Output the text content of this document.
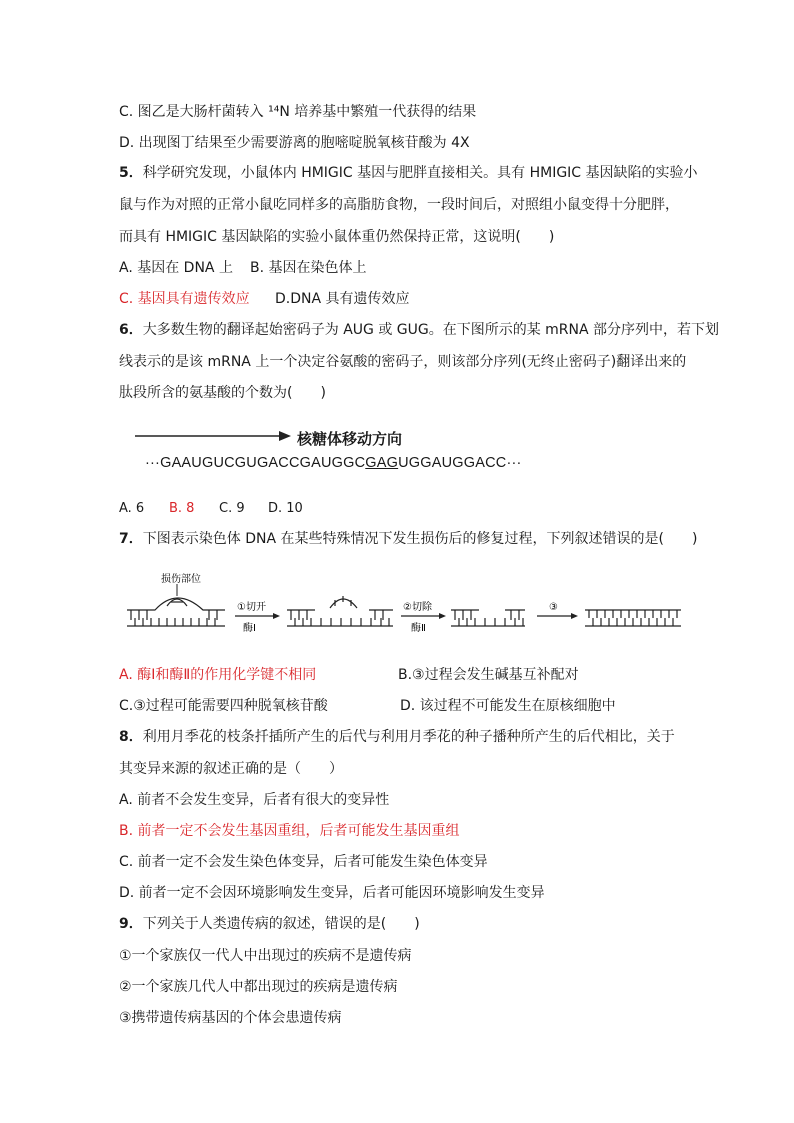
C. 图乙是大肠杆菌转入 ¹⁴N 培养基中繁殖一代获得的结果
D. 出现图丁结果至少需要游离的胞嘧啶脱氧核苷酸为 4X
5．科学研究发现，小鼠体内 HMIGIC 基因与肥胖直接相关。具有 HMIGIC 基因缺陷的实验小
鼠与作为对照的正常小鼠吃同样多的高脂肪食物，一段时间后，对照组小鼠变得十分肥胖，
而具有 HMIGIC 基因缺陷的实验小鼠体重仍然保持正常，这说明(　　)
A. 基因在 DNA 上 B. 基因在染色体上
C. 基因具有遗传效应 D.DNA 具有遗传效应
6．大多数生物的翻译起始密码子为 AUG 或 GUG。在下图所示的某 mRNA 部分序列中，若下划
线表示的是该 mRNA 上一个决定谷氨酸的密码子，则该部分序列(无终止密码子)翻译出来的
肽段所含的氨基酸的个数为(　　)
核糖体移动方向
···GAAUGUCGUGACCGAUGGCGAGUGGAUGGACC···
A. 6 B. 8 C. 9 D. 10
7．下图表示染色体 DNA 在某些特殊情况下发生损伤后的修复过程，下列叙述错误的是(　　)
损伤部位
①切开
酶Ⅰ
②切除
酶Ⅱ
③
A. 酶Ⅰ和酶Ⅱ的作用化学键不相同	B.③过程会发生碱基互补配对
C.③过程可能需要四种脱氧核苷酸	D. 该过程不可能发生在原核细胞中
8．利用月季花的枝条扦插所产生的后代与利用月季花的种子播种所产生的后代相比，关于
其变异来源的叙述正确的是（　　）
A. 前者不会发生变异，后者有很大的变异性
B. 前者一定不会发生基因重组，后者可能发生基因重组
C. 前者一定不会发生染色体变异，后者可能发生染色体变异
D. 前者一定不会因环境影响发生变异，后者可能因环境影响发生变异
9．下列关于人类遗传病的叙述，错误的是(　　)
①一个家族仅一代人中出现过的疾病不是遗传病
②一个家族几代人中都出现过的疾病是遗传病
③携带遗传病基因的个体会患遗传病
